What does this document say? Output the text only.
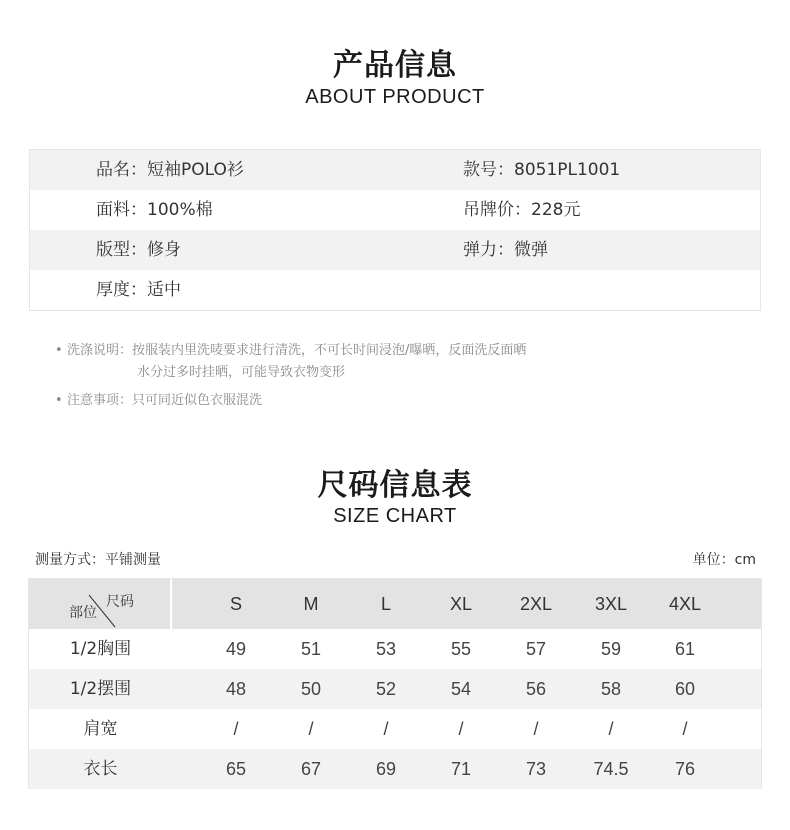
产品信息
ABOUT PRODUCT
品名：短袖POLO衫	款号：8051PL1001
面料：100%棉	吊牌价：228元
版型：修身	弹力：微弹
厚度：适中
• 洗涤说明：按服装内里洗唛要求进行清洗，不可长时间浸泡/曝晒，反面洗反面晒
水分过多时挂晒，可能导致衣物变形
• 注意事项：只可同近似色衣服混洗
尺码信息表
SIZE CHART
测量方式：平铺测量	单位：cm
尺码
部位	S	M	L	XL	2XL	3XL	4XL
1/2胸围	49	51	53	55	57	59	61
1/2摆围	48	50	52	54	56	58	60
肩宽	/	/	/	/	/	/	/
衣长	65	67	69	71	73	74.5	76
